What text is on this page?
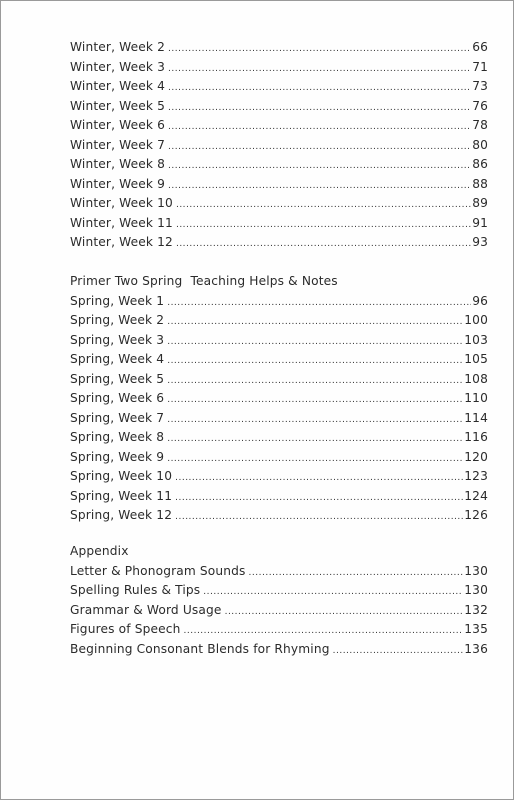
Winter, Week 2 .....	66
Winter, Week 3 .....	71
Winter, Week 4 .....	73
Winter, Week 5 .....	76
Winter, Week 6 .....	78
Winter, Week 7 .....	80
Winter, Week 8 .....	86
Winter, Week 9 .....	88
Winter, Week 10 .....	89
Winter, Week 11 .....	91
Winter, Week 12 .....	93
Primer Two Spring  Teaching Helps & Notes
Spring, Week 1 .....	96
Spring, Week 2 .....	100
Spring, Week 3 .....	103
Spring, Week 4 .....	105
Spring, Week 5 .....	108
Spring, Week 6 .....	110
Spring, Week 7 .....	114
Spring, Week 8 .....	116
Spring, Week 9 .....	120
Spring, Week 10 .....	123
Spring, Week 11 .....	124
Spring, Week 12 .....	126
Appendix
Letter & Phonogram Sounds .....	130
Spelling Rules & Tips .....	130
Grammar & Word Usage .....	132
Figures of Speech .....	135
Beginning Consonant Blends for Rhyming .....	136
